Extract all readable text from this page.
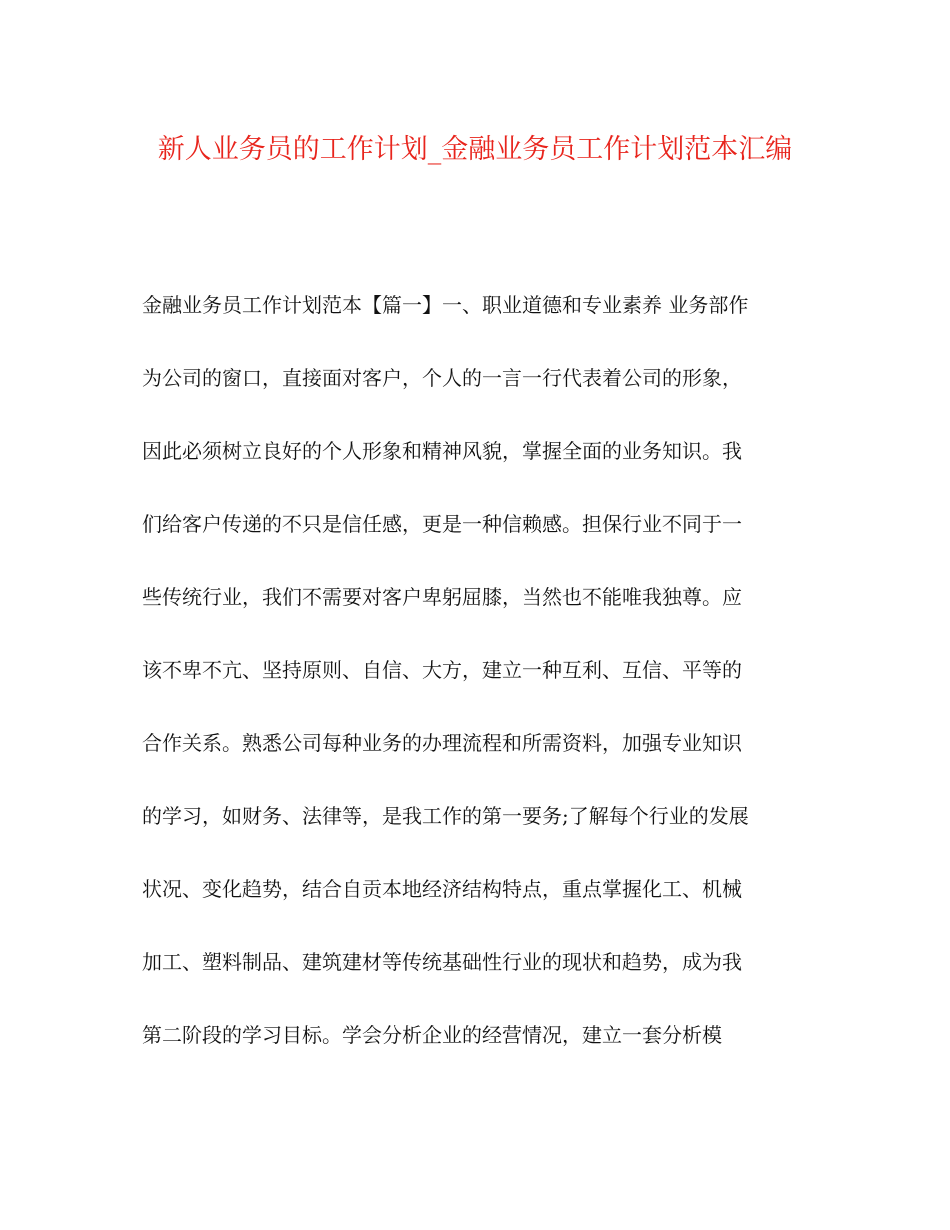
新人业务员的工作计划_金融业务员工作计划范本汇编
金融业务员工作计划范本【篇一】一、职业道德和专业素养 业务部作
为公司的窗口，直接面对客户，个人的一言一行代表着公司的形象，
因此必须树立良好的个人形象和精神风貌，掌握全面的业务知识。我
们给客户传递的不只是信任感，更是一种信赖感。担保行业不同于一
些传统行业，我们不需要对客户卑躬屈膝，当然也不能唯我独尊。应
该不卑不亢、坚持原则、自信、大方，建立一种互利、互信、平等的
合作关系。熟悉公司每种业务的办理流程和所需资料，加强专业知识
的学习，如财务、法律等，是我工作的第一要务;了解每个行业的发展
状况、变化趋势，结合自贡本地经济结构特点，重点掌握化工、机械
加工、塑料制品、建筑建材等传统基础性行业的现状和趋势，成为我
第二阶段的学习目标。学会分析企业的经营情况，建立一套分析模
